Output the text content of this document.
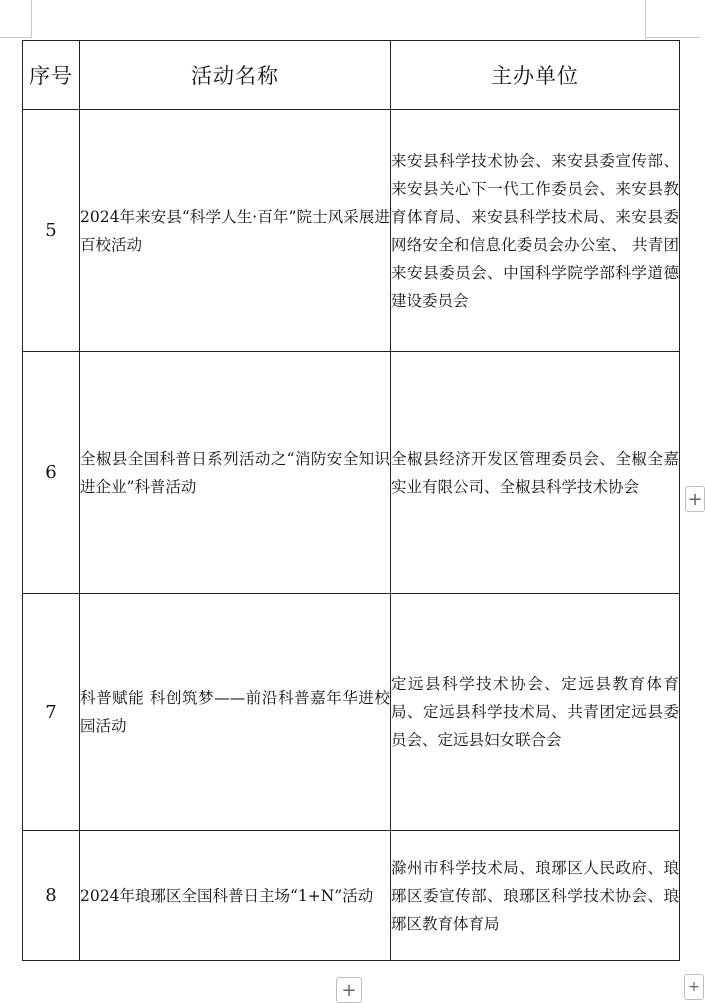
序号	活动名称	主办单位
5	2024年来安县“科学人生·百年”院士风采展进百校活动	来安县科学技术协会、来安县委宣传部、来安县关心下一代工作委员会、来安县教育体育局、来安县科学技术局、来安县委网络安全和信息化委员会办公室、 共青团来安县委员会、中国科学院学部科学道德建设委员会
6	全椒县全国科普日系列活动之“消防安全知识进企业”科普活动	全椒县经济开发区管理委员会、全椒全嘉实业有限公司、全椒县科学技术协会
7	科普赋能 科创筑梦——前沿科普嘉年华进校园活动	定远县科学技术协会、定远县教育体育局、定远县科学技术局、共青团定远县委员会、定远县妇女联合会
8	2024年琅琊区全国科普日主场“1+N”活动	滁州市科学技术局、琅琊区人民政府、琅琊区委宣传部、琅琊区科学技术协会、琅琊区教育体育局
+
+
+
